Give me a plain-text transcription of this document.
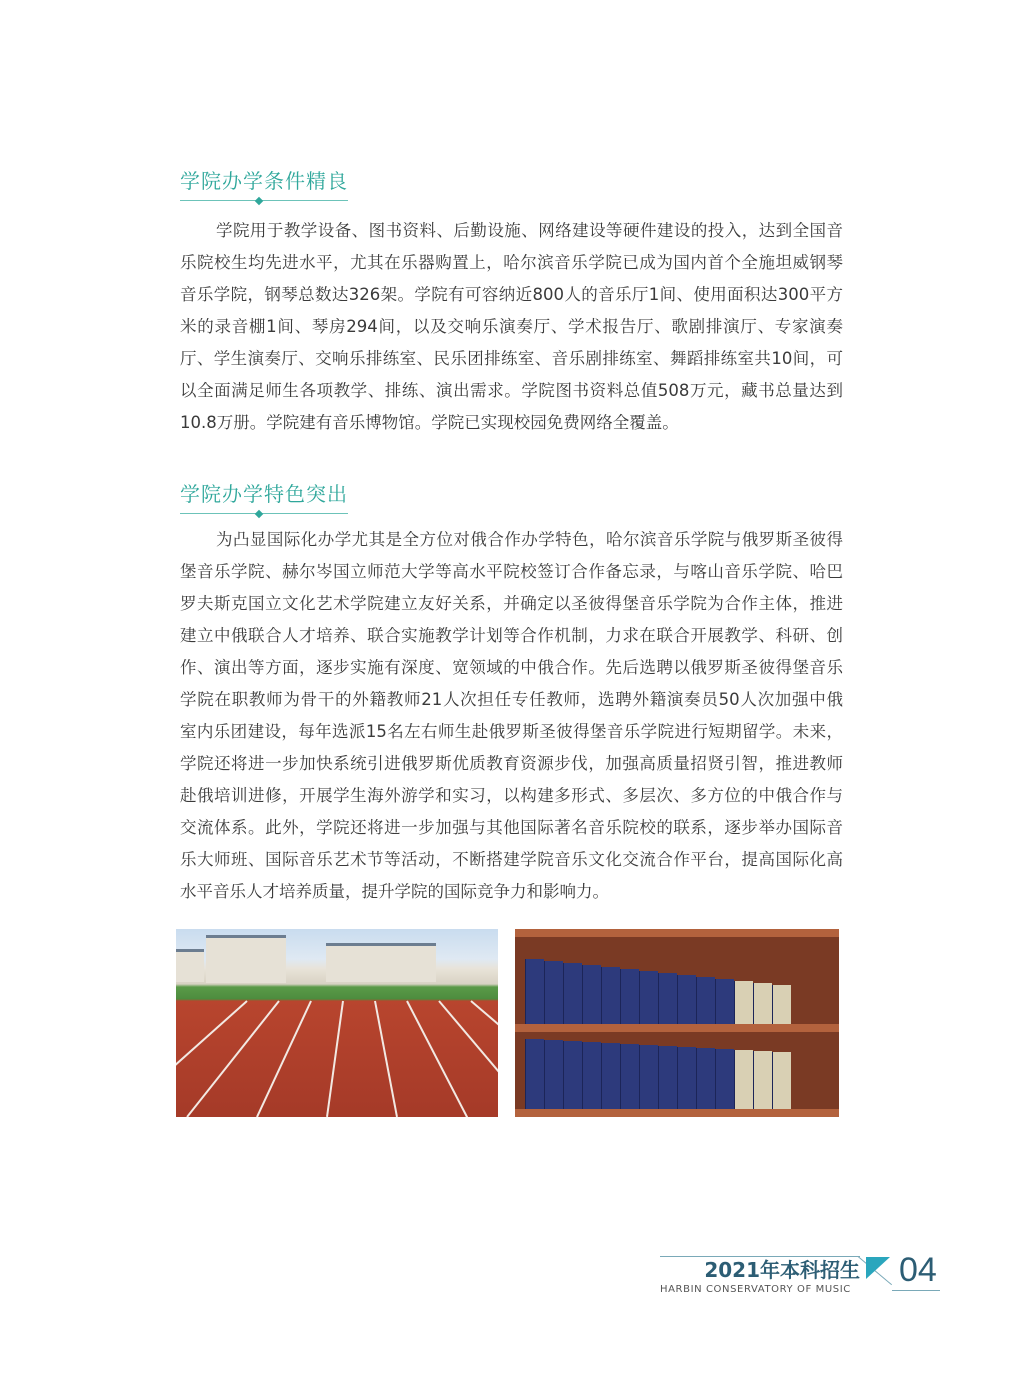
学院办学条件精良
学院用于教学设备、图书资料、后勤设施、网络建设等硬件建设的投入，达到全国音
乐院校生均先进水平，尤其在乐器购置上，哈尔滨音乐学院已成为国内首个全施坦威钢琴
音乐学院，钢琴总数达326架。学院有可容纳近800人的音乐厅1间、使用面积达300平方
米的录音棚1间、琴房294间，以及交响乐演奏厅、学术报告厅、歌剧排演厅、专家演奏
厅、学生演奏厅、交响乐排练室、民乐团排练室、音乐剧排练室、舞蹈排练室共10间，可
以全面满足师生各项教学、排练、演出需求。学院图书资料总值508万元，藏书总量达到
10.8万册。学院建有音乐博物馆。学院已实现校园免费网络全覆盖。
学院办学特色突出
为凸显国际化办学尤其是全方位对俄合作办学特色，哈尔滨音乐学院与俄罗斯圣彼得
堡音乐学院、赫尔岑国立师范大学等高水平院校签订合作备忘录，与喀山音乐学院、哈巴
罗夫斯克国立文化艺术学院建立友好关系，并确定以圣彼得堡音乐学院为合作主体，推进
建立中俄联合人才培养、联合实施教学计划等合作机制，力求在联合开展教学、科研、创
作、演出等方面，逐步实施有深度、宽领域的中俄合作。先后选聘以俄罗斯圣彼得堡音乐
学院在职教师为骨干的外籍教师21人次担任专任教师，选聘外籍演奏员50人次加强中俄
室内乐团建设，每年选派15名左右师生赴俄罗斯圣彼得堡音乐学院进行短期留学。未来，
学院还将进一步加快系统引进俄罗斯优质教育资源步伐，加强高质量招贤引智，推进教师
赴俄培训进修，开展学生海外游学和实习，以构建多形式、多层次、多方位的中俄合作与
交流体系。此外，学院还将进一步加强与其他国际著名音乐院校的联系，逐步举办国际音
乐大师班、国际音乐艺术节等活动，不断搭建学院音乐文化交流合作平台，提高国际化高
水平音乐人才培养质量，提升学院的国际竞争力和影响力。
2021年本科招生
HARBIN CONSERVATORY OF MUSIC
04
